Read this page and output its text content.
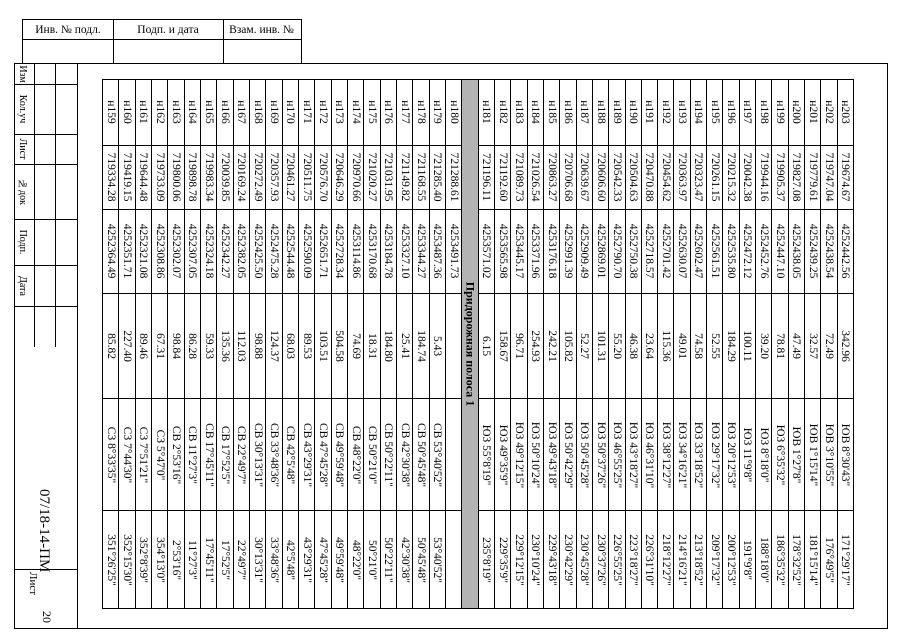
Инв. № подл.	Подп. и дата	Взам. инв. №
Изм
Кол.уч
Лист
№док
Подп.
Дата
07/18-14-ПМ
Лист
20
н159
719334.28
4252364.49
85.82
СЗ 8°33'35"
351°26'25"
н160
719419.15
4252351.71
227.40
СЗ 7°44'30"
352°15'30"
н161
719644.48
4252321.08
89.46
СЗ 7°51'21"
352°8'39"
н162
719733.09
4252308.86
67.31
СЗ 5°47'0"
354°13'0"
н163
719800.06
4252302.07
98.84
СВ 2°53'16"
2°53'16"
н164
719898.78
4252307.05
86.28
СВ 11°27'3"
11°27'3"
н165
719983.34
4252324.18
59.33
СВ 17°45'11"
17°45'11"
н166
720039.85
4252342.27
135.36
СВ 17°52'5"
17°52'5"
н167
720169.24
4252382.05
112.03
СВ 22°49'7"
22°49'7"
н168
720272.49
4252425.50
98.88
СВ 30°13'31"
30°13'31"
н169
720357.93
4252475.28
124.37
СВ 33°48'36"
33°48'36"
н170
720461.27
4252544.48
68.03
СВ 42°5'48"
42°5'48"
н171
720511.75
4252590.09
89.53
СВ 43°29'31"
43°29'31"
н172
720576.70
4252651.71
103.51
СВ 47°45'28"
47°45'28"
н173
720646.29
4252728.34
504.58
СВ 49°59'48"
49°59'48"
н174
720970.66
4253114.86
74.69
СВ 48°22'0"
48°22'0"
н175
721020.27
4253170.68
18.31
СВ 50°21'0"
50°21'0"
н176
721031.95
4253184.78
184.80
СВ 50°22'11"
50°22'11"
н177
721149.82
4253327.10
25.41
СВ 42°30'38"
42°30'38"
н178
721168.55
4253344.27
184.74
СВ 50°45'48"
50°45'48"
н179
721285.40
4253487.36
5.43
СВ 53°40'52"
53°40'52"
н180
721288.61
4253491.73
Придорожная полоса 1
н181
721196.11
4253571.02
6.15
ЮЗ 55°8'19"
235°8'19"
н182
721192.60
4253565.98
158.67
ЮЗ 49°35'9"
229°35'9"
н183
721089.73
4253445.17
96.71
ЮЗ 49°12'15"
229°12'15"
н184
721026.54
4253371.96
254.93
ЮЗ 50°10'24"
230°10'24"
н185
720863.27
4253176.18
242.21
ЮЗ 49°43'18"
229°43'18"
н186
720706.68
4252991.39
105.82
ЮЗ 50°42'29"
230°42'29"
н187
720639.67
4252909.49
52.27
ЮЗ 50°45'28"
230°45'28"
н188
720606.60
4252869.01
101.31
ЮЗ 50°37'26"
230°37'26"
н189
720542.33
4252790.70
55.20
ЮЗ 46°55'25"
226°55'25"
н190
720504.63
4252750.38
46.38
ЮЗ 43°18'27"
223°18'27"
н191
720470.88
4252718.57
23.64
ЮЗ 46°31'10"
226°31'10"
н192
720454.62
4252701.42
115.36
ЮЗ 38°12'27"
218°12'27"
н193
720363.97
4252630.07
49.01
ЮЗ 34°16'21"
214°16'21"
н194
720323.47
4252602.47
74.58
ЮЗ 33°18'52"
213°18'52"
н195
720261.15
4252561.51
52.55
ЮЗ 29°17'32"
209°17'32"
н196
720215.32
4252535.80
184.29
ЮЗ 20°12'53"
200°12'53"
н197
720042.38
4252472.12
100.11
ЮЗ 11°9'8"
191°9'8"
н198
719944.16
4252452.76
39.20
ЮЗ 8°18'0"
188°18'0"
н199
719905.37
4252447.10
78.81
ЮЗ 6°35'32"
186°35'32"
н200
719827.08
4252438.05
47.49
ЮВ 1°27'8"
178°32'52"
н201
719779.61
4252439.25
32.57
ЮВ 1°15'14"
181°15'14"
н202
719747.04
4252438.54
72.49
ЮВ 3°10'55"
176°49'5"
н203
719674.67
4252442.56
342.96
ЮВ 8°30'43"
171°29'17"
